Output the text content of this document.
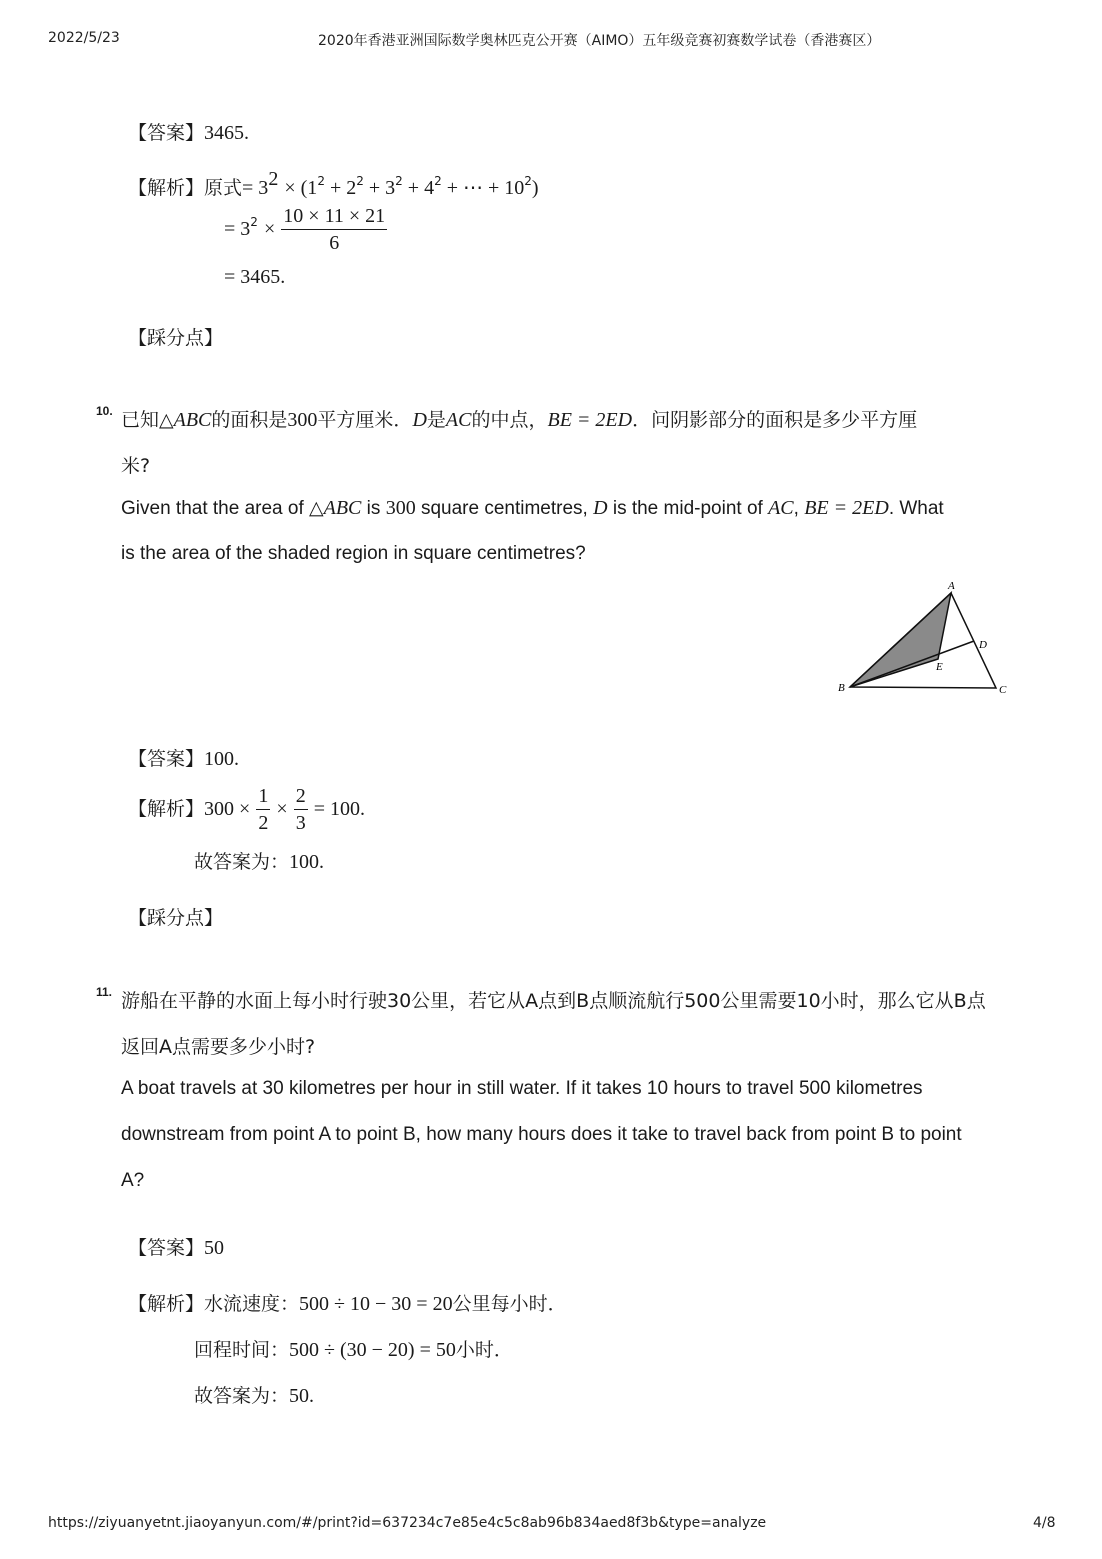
2022/5/23	2020年香港亚洲国际数学奥林匹克公开赛（AIMO）五年级竞赛初赛数学试卷（香港赛区）
【答案】3465.
【解析】原式= $3^2 \times (1^2 + 2^2 + 3^2 + 4^2$ + ⋯ + $10^2$)
= $3^2 \times \frac{10 \times 11 \times 21}{6}$
= 3465.
【踩分点】
10. 已知△ABC的面积是300平方厘米．D是AC的中点，BE = 2ED．问阴影部分的面积是多少平方厘
米?
Given that the area of △ABC is 300 square centimetres, D is the mid-point of AC, BE = 2ED. What
is the area of the shaded region in square centimetres?
A
B	C
D
E
【答案】100.
【解析】$300 \times \frac{1}{2} \times \frac{2}{3} = 100$.
故答案为：100.
【踩分点】
11. 游船在平静的水面上每小时行驶30公里，若它从A点到B点顺流航行500公里需要10小时，那么它从B点
返回A点需要多少小时?
A boat travels at 30 kilometres per hour in still water. If it takes 10 hours to travel 500 kilometres
downstream from point A to point B, how many hours does it take to travel back from point B to point
A?
【答案】50
【解析】水流速度：500 ÷ 10 − 30 = 20公里每小时．
回程时间：500 ÷ (30 − 20) = 50小时．
故答案为：50.
https://ziyuanyetnt.jiaoyanyun.com/#/print?id=637234c7e85e4c5c8ab96b834aed8f3b&type=analyze	4/8
